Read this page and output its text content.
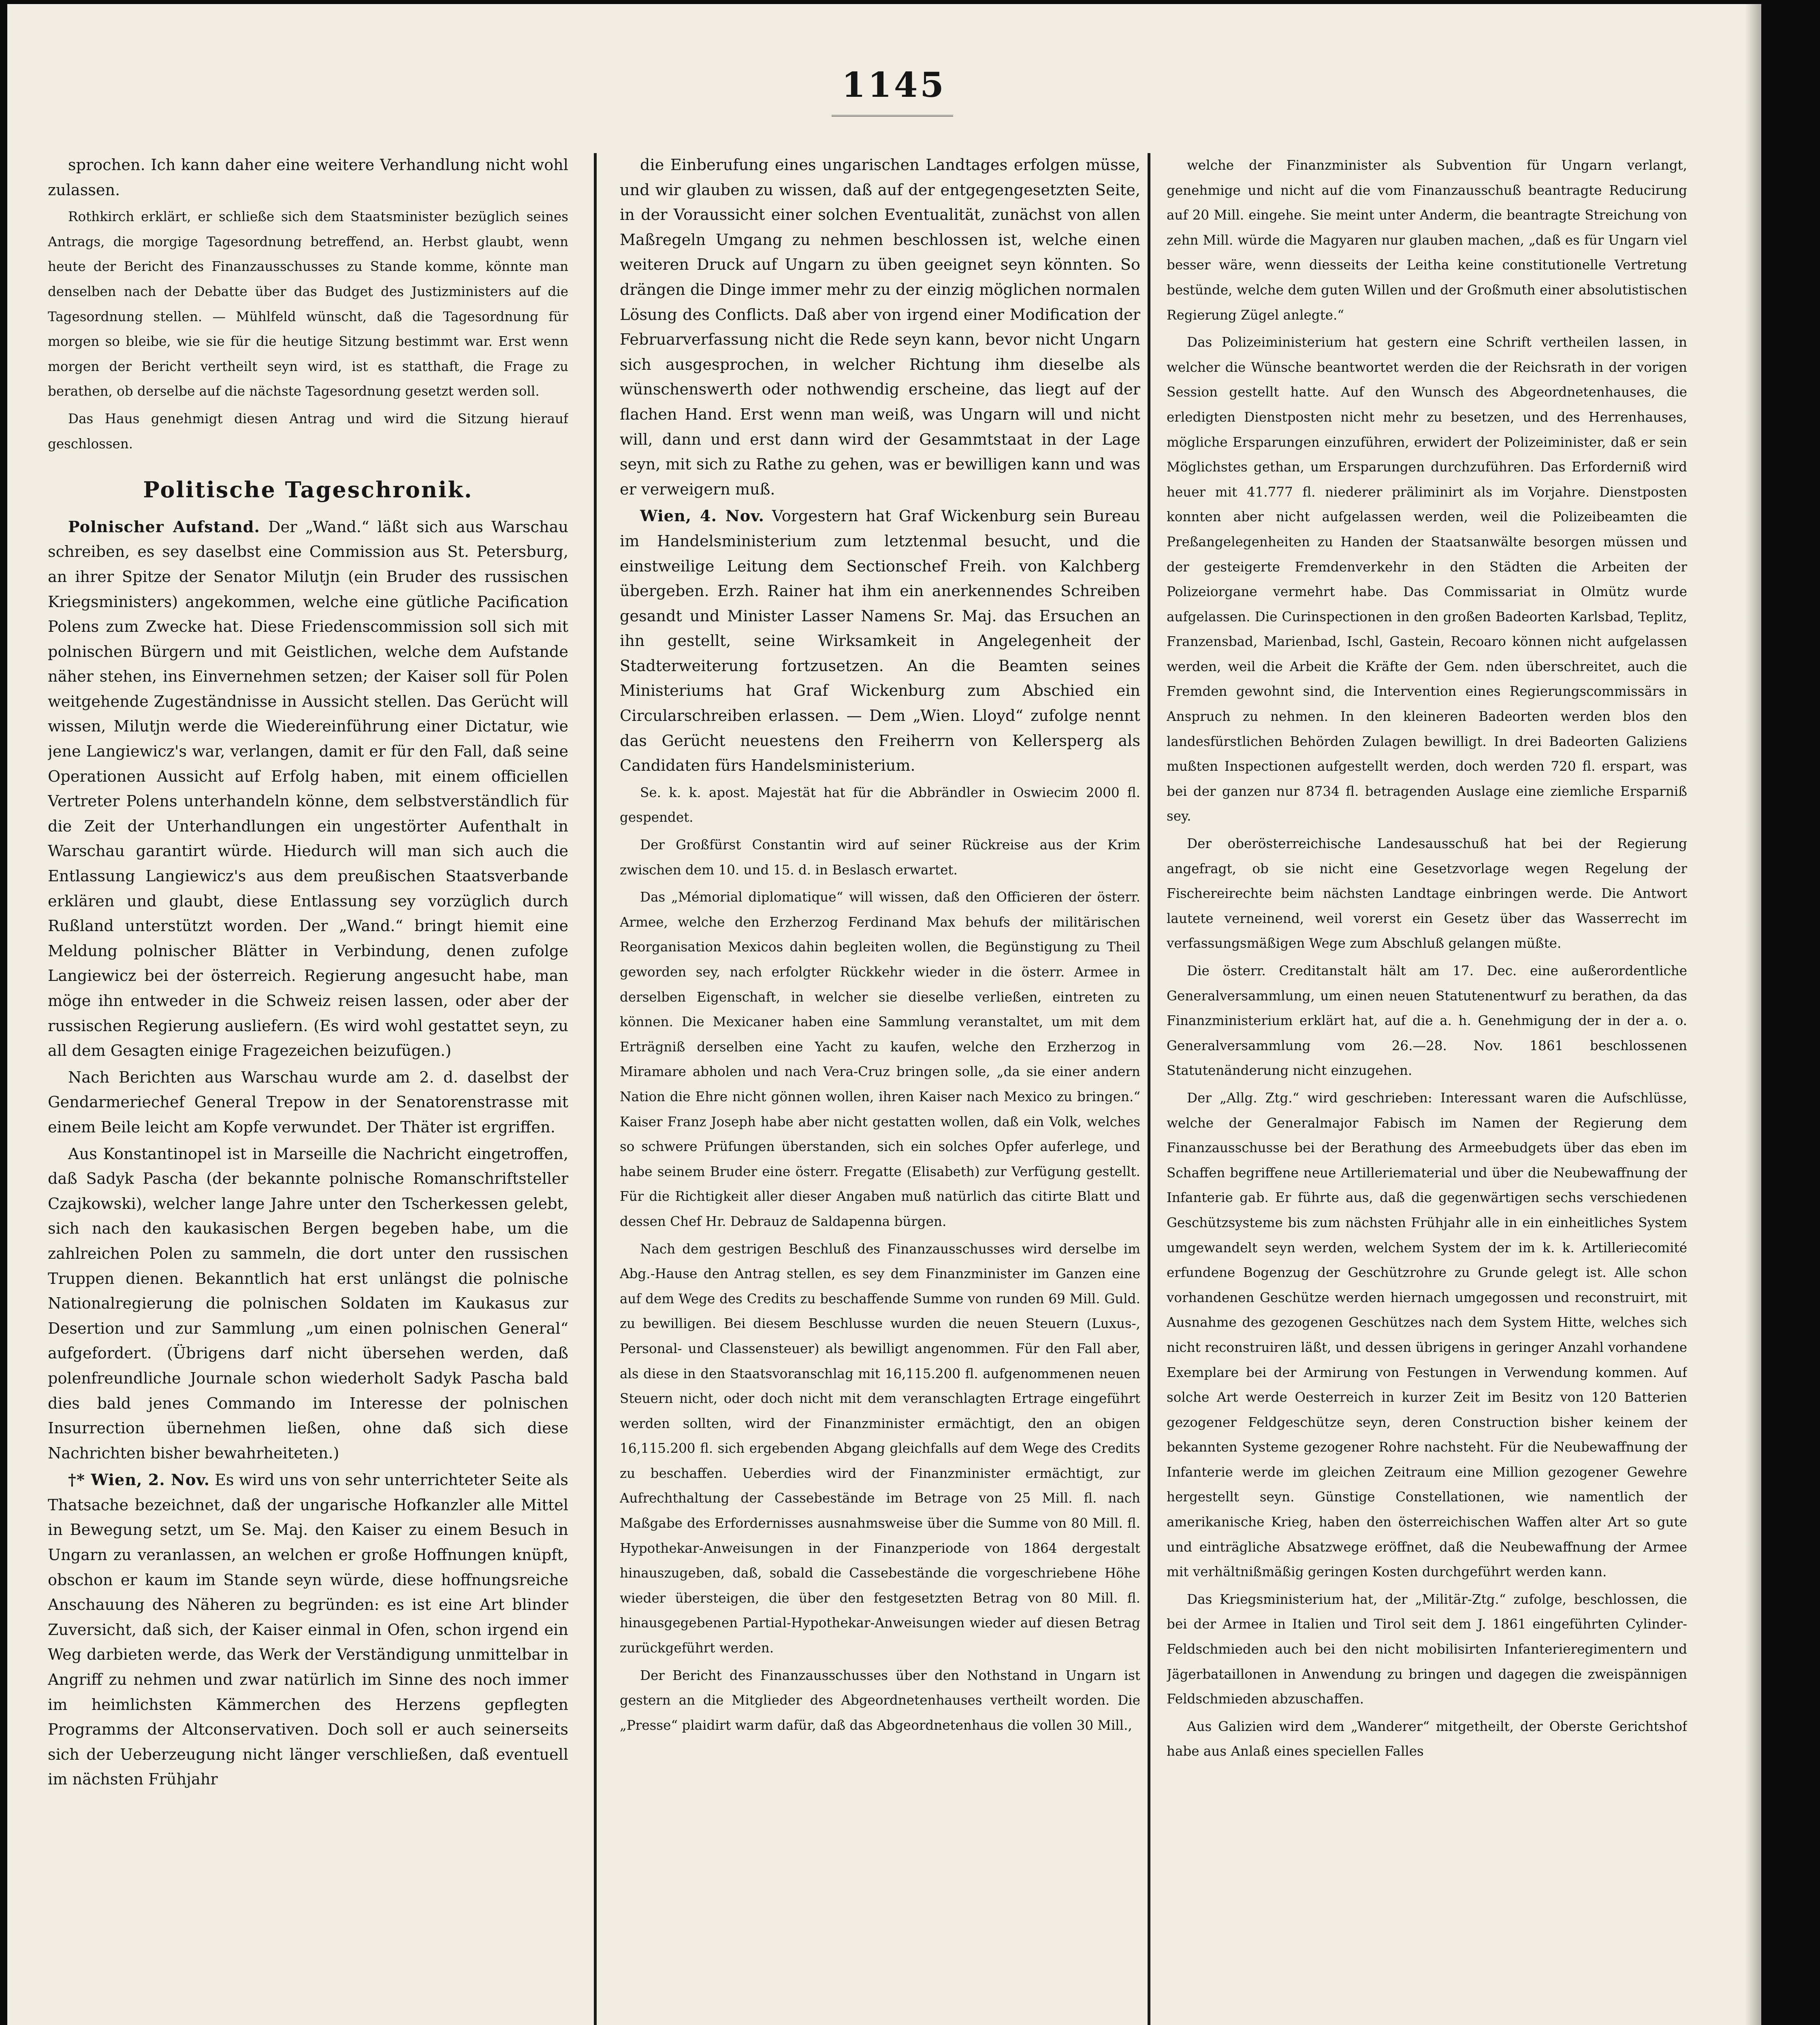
1145

sprochen. Ich kann daher eine weitere Verhandlung nicht wohl zulassen.

Rothkirch erklärt, er schließe sich dem Staatsminister bezüglich seines Antrags, die morgige Tagesordnung betreffend, an. Herbst glaubt, wenn heute der Bericht des Finanzausschusses zu Stande komme, könnte man denselben nach der Debatte über das Budget des Justizministers auf die Tagesordnung stellen. — Mühlfeld wünscht, daß die Tagesordnung für morgen so bleibe, wie sie für die heutige Sitzung bestimmt war. Erst wenn morgen der Bericht vertheilt seyn wird, ist es statthaft, die Frage zu berathen, ob derselbe auf die nächste Tagesordnung gesetzt werden soll.

Das Haus genehmigt diesen Antrag und wird die Sitzung hierauf geschlossen.

Politische Tageschronik.

Polnischer Aufstand. Der „Wand.“ läßt sich aus Warschau schreiben, es sey daselbst eine Commission aus St. Petersburg, an ihrer Spitze der Senator Milutjn (ein Bruder des russischen Kriegsministers) angekommen, welche eine gütliche Pacification Polens zum Zwecke hat. Diese Friedenscommission soll sich mit polnischen Bürgern und mit Geistlichen, welche dem Aufstande näher stehen, ins Einvernehmen setzen; der Kaiser soll für Polen weitgehende Zugeständnisse in Aussicht stellen. Das Gerücht will wissen, Milutjn werde die Wiedereinführung einer Dictatur, wie jene Langiewicz's war, verlangen, damit er für den Fall, daß seine Operationen Aussicht auf Erfolg haben, mit einem officiellen Vertreter Polens unterhandeln könne, dem selbstverständlich für die Zeit der Unterhandlungen ein ungestörter Aufenthalt in Warschau garantirt würde. Hiedurch will man sich auch die Entlassung Langiewicz's aus dem preußischen Staatsverbande erklären und glaubt, diese Entlassung sey vorzüglich durch Rußland unterstützt worden. Der „Wand.“ bringt hiemit eine Meldung polnischer Blätter in Verbindung, denen zufolge Langiewicz bei der österreich. Regierung angesucht habe, man möge ihn entweder in die Schweiz reisen lassen, oder aber der russischen Regierung ausliefern. (Es wird wohl gestattet seyn, zu all dem Gesagten einige Fragezeichen beizufügen.)

Nach Berichten aus Warschau wurde am 2. d. daselbst der Gendarmeriechef General Trepow in der Senatorenstrasse mit einem Beile leicht am Kopfe verwundet. Der Thäter ist ergriffen.

Aus Konstantinopel ist in Marseille die Nachricht eingetroffen, daß Sadyk Pascha (der bekannte polnische Romanschriftsteller Czajkowski), welcher lange Jahre unter den Tscherkessen gelebt, sich nach den kaukasischen Bergen begeben habe, um die zahlreichen Polen zu sammeln, die dort unter den russischen Truppen dienen. Bekanntlich hat erst unlängst die polnische Nationalregierung die polnischen Soldaten im Kaukasus zur Desertion und zur Sammlung „um einen polnischen General“ aufgefordert. (Übrigens darf nicht übersehen werden, daß polenfreundliche Journale schon wiederholt Sadyk Pascha bald dies bald jenes Commando im Interesse der polnischen Insurrection übernehmen ließen, ohne daß sich diese Nachrichten bisher bewahrheiteten.)

†* Wien, 2. Nov. Es wird uns von sehr unterrichteter Seite als Thatsache bezeichnet, daß der ungarische Hofkanzler alle Mittel in Bewegung setzt, um Se. Maj. den Kaiser zu einem Besuch in Ungarn zu veranlassen, an welchen er große Hoffnungen knüpft, obschon er kaum im Stande seyn würde, diese hoffnungsreiche Anschauung des Näheren zu begründen: es ist eine Art blinder Zuversicht, daß sich, der Kaiser einmal in Ofen, schon irgend ein Weg darbieten werde, das Werk der Verständigung unmittelbar in Angriff zu nehmen und zwar natürlich im Sinne des noch immer im heimlichsten Kämmerchen des Herzens gepflegten Programms der Altconservativen. Doch soll er auch seinerseits sich der Ueberzeugung nicht länger verschließen, daß eventuell im nächsten Frühjahr

die Einberufung eines ungarischen Landtages erfolgen müsse, und wir glauben zu wissen, daß auf der entgegengesetzten Seite, in der Voraussicht einer solchen Eventualität, zunächst von allen Maßregeln Umgang zu nehmen beschlossen ist, welche einen weiteren Druck auf Ungarn zu üben geeignet seyn könnten. So drängen die Dinge immer mehr zu der einzig möglichen normalen Lösung des Conflicts. Daß aber von irgend einer Modification der Februarverfassung nicht die Rede seyn kann, bevor nicht Ungarn sich ausgesprochen, in welcher Richtung ihm dieselbe als wünschenswerth oder nothwendig erscheine, das liegt auf der flachen Hand. Erst wenn man weiß, was Ungarn will und nicht will, dann und erst dann wird der Gesammtstaat in der Lage seyn, mit sich zu Rathe zu gehen, was er bewilligen kann und was er verweigern muß.

Wien, 4. Nov. Vorgestern hat Graf Wickenburg sein Bureau im Handelsministerium zum letztenmal besucht, und die einstweilige Leitung dem Sectionschef Freih. von Kalchberg übergeben. Erzh. Rainer hat ihm ein anerkennendes Schreiben gesandt und Minister Lasser Namens Sr. Maj. das Ersuchen an ihn gestellt, seine Wirksamkeit in Angelegenheit der Stadterweiterung fortzusetzen. An die Beamten seines Ministeriums hat Graf Wickenburg zum Abschied ein Circularschreiben erlassen. — Dem „Wien. Lloyd“ zufolge nennt das Gerücht neuestens den Freiherrn von Kellersperg als Candidaten fürs Handelsministerium.

Se. k. k. apost. Majestät hat für die Abbrändler in Oswiecim 2000 fl. gespendet.

Der Großfürst Constantin wird auf seiner Rückreise aus der Krim zwischen dem 10. und 15. d. in Beslasch erwartet.

Das „Mémorial diplomatique“ will wissen, daß den Officieren der österr. Armee, welche den Erzherzog Ferdinand Max behufs der militärischen Reorganisation Mexicos dahin begleiten wollen, die Begünstigung zu Theil geworden sey, nach erfolgter Rückkehr wieder in die österr. Armee in derselben Eigenschaft, in welcher sie dieselbe verließen, eintreten zu können. Die Mexicaner haben eine Sammlung veranstaltet, um mit dem Erträgniß derselben eine Yacht zu kaufen, welche den Erzherzog in Miramare abholen und nach Vera-Cruz bringen solle, „da sie einer andern Nation die Ehre nicht gönnen wollen, ihren Kaiser nach Mexico zu bringen.“ Kaiser Franz Joseph habe aber nicht gestatten wollen, daß ein Volk, welches so schwere Prüfungen überstanden, sich ein solches Opfer auferlege, und habe seinem Bruder eine österr. Fregatte (Elisabeth) zur Verfügung gestellt. Für die Richtigkeit aller dieser Angaben muß natürlich das citirte Blatt und dessen Chef Hr. Debrauz de Saldapenna bürgen.

Nach dem gestrigen Beschluß des Finanzausschusses wird derselbe im Abg.-Hause den Antrag stellen, es sey dem Finanzminister im Ganzen eine auf dem Wege des Credits zu beschaffende Summe von runden 69 Mill. Guld. zu bewilligen. Bei diesem Beschlusse wurden die neuen Steuern (Luxus-, Personal- und Classensteuer) als bewilligt angenommen. Für den Fall aber, als diese in den Staatsvoranschlag mit 16,115.200 fl. aufgenommenen neuen Steuern nicht, oder doch nicht mit dem veranschlagten Ertrage eingeführt werden sollten, wird der Finanzminister ermächtigt, den an obigen 16,115.200 fl. sich ergebenden Abgang gleichfalls auf dem Wege des Credits zu beschaffen. Ueberdies wird der Finanzminister ermächtigt, zur Aufrechthaltung der Cassebestände im Betrage von 25 Mill. fl. nach Maßgabe des Erfordernisses ausnahmsweise über die Summe von 80 Mill. fl. Hypothekar-Anweisungen in der Finanzperiode von 1864 dergestalt hinauszugeben, daß, sobald die Cassebestände die vorgeschriebene Höhe wieder übersteigen, die über den festgesetzten Betrag von 80 Mill. fl. hinausgegebenen Partial-Hypothekar-Anweisungen wieder auf diesen Betrag zurückgeführt werden.

Der Bericht des Finanzausschusses über den Nothstand in Ungarn ist gestern an die Mitglieder des Abgeordnetenhauses vertheilt worden. Die „Presse“ plaidirt warm dafür, daß das Abgeordnetenhaus die vollen 30 Mill.,

welche der Finanzminister als Subvention für Ungarn verlangt, genehmige und nicht auf die vom Finanzausschuß beantragte Reducirung auf 20 Mill. eingehe. Sie meint unter Anderm, die beantragte Streichung von zehn Mill. würde die Magyaren nur glauben machen, „daß es für Ungarn viel besser wäre, wenn diesseits der Leitha keine constitutionelle Vertretung bestünde, welche dem guten Willen und der Großmuth einer absolutistischen Regierung Zügel anlegte.“

Das Polizeiministerium hat gestern eine Schrift vertheilen lassen, in welcher die Wünsche beantwortet werden die der Reichsrath in der vorigen Session gestellt hatte. Auf den Wunsch des Abgeordnetenhauses, die erledigten Dienstposten nicht mehr zu besetzen, und des Herrenhauses, mögliche Ersparungen einzuführen, erwidert der Polizeiminister, daß er sein Möglichstes gethan, um Ersparungen durchzuführen. Das Erforderniß wird heuer mit 41.777 fl. niederer präliminirt als im Vorjahre. Dienstposten konnten aber nicht aufgelassen werden, weil die Polizeibeamten die Preßangelegenheiten zu Handen der Staatsanwälte besorgen müssen und der gesteigerte Fremdenverkehr in den Städten die Arbeiten der Polizeiorgane vermehrt habe. Das Commissariat in Olmütz wurde aufgelassen. Die Curinspectionen in den großen Badeorten Karlsbad, Teplitz, Franzensbad, Marienbad, Ischl, Gastein, Recoaro können nicht aufgelassen werden, weil die Arbeit die Kräfte der Gem. nden überschreitet, auch die Fremden gewohnt sind, die Intervention eines Regierungscommissärs in Anspruch zu nehmen. In den kleineren Badeorten werden blos den landesfürstlichen Behörden Zulagen bewilligt. In drei Badeorten Galiziens mußten Inspectionen aufgestellt werden, doch werden 720 fl. erspart, was bei der ganzen nur 8734 fl. betragenden Auslage eine ziemliche Ersparniß sey.

Der oberösterreichische Landesausschuß hat bei der Regierung angefragt, ob sie nicht eine Gesetzvorlage wegen Regelung der Fischereirechte beim nächsten Landtage einbringen werde. Die Antwort lautete verneinend, weil vorerst ein Gesetz über das Wasserrecht im verfassungsmäßigen Wege zum Abschluß gelangen müßte.

Die österr. Creditanstalt hält am 17. Dec. eine außerordentliche Generalversammlung, um einen neuen Statutenentwurf zu berathen, da das Finanzministerium erklärt hat, auf die a. h. Genehmigung der in der a. o. Generalversammlung vom 26.—28. Nov. 1861 beschlossenen Statutenänderung nicht einzugehen.

Der „Allg. Ztg.“ wird geschrieben: Interessant waren die Aufschlüsse, welche der Generalmajor Fabisch im Namen der Regierung dem Finanzausschusse bei der Berathung des Armeebudgets über das eben im Schaffen begriffene neue Artilleriematerial und über die Neubewaffnung der Infanterie gab. Er führte aus, daß die gegenwärtigen sechs verschiedenen Geschützsysteme bis zum nächsten Frühjahr alle in ein einheitliches System umgewandelt seyn werden, welchem System der im k. k. Artilleriecomité erfundene Bogenzug der Geschützrohre zu Grunde gelegt ist. Alle schon vorhandenen Geschütze werden hiernach umgegossen und reconstruirt, mit Ausnahme des gezogenen Geschützes nach dem System Hitte, welches sich nicht reconstruiren läßt, und dessen übrigens in geringer Anzahl vorhandene Exemplare bei der Armirung von Festungen in Verwendung kommen. Auf solche Art werde Oesterreich in kurzer Zeit im Besitz von 120 Batterien gezogener Feldgeschütze seyn, deren Construction bisher keinem der bekannten Systeme gezogener Rohre nachsteht. Für die Neubewaffnung der Infanterie werde im gleichen Zeitraum eine Million gezogener Gewehre hergestellt seyn. Günstige Constellationen, wie namentlich der amerikanische Krieg, haben den österreichischen Waffen alter Art so gute und einträgliche Absatzwege eröffnet, daß die Neubewaffnung der Armee mit verhältnißmäßig geringen Kosten durchgeführt werden kann.

Das Kriegsministerium hat, der „Militär-Ztg.“ zufolge, beschlossen, die bei der Armee in Italien und Tirol seit dem J. 1861 eingeführten Cylinder-Feldschmieden auch bei den nicht mobilisirten Infanterieregimentern und Jägerbataillonen in Anwendung zu bringen und dagegen die zweispännigen Feldschmieden abzuschaffen.

Aus Galizien wird dem „Wanderer“ mitgetheilt, der Oberste Gerichtshof habe aus Anlaß eines speciellen Falles
